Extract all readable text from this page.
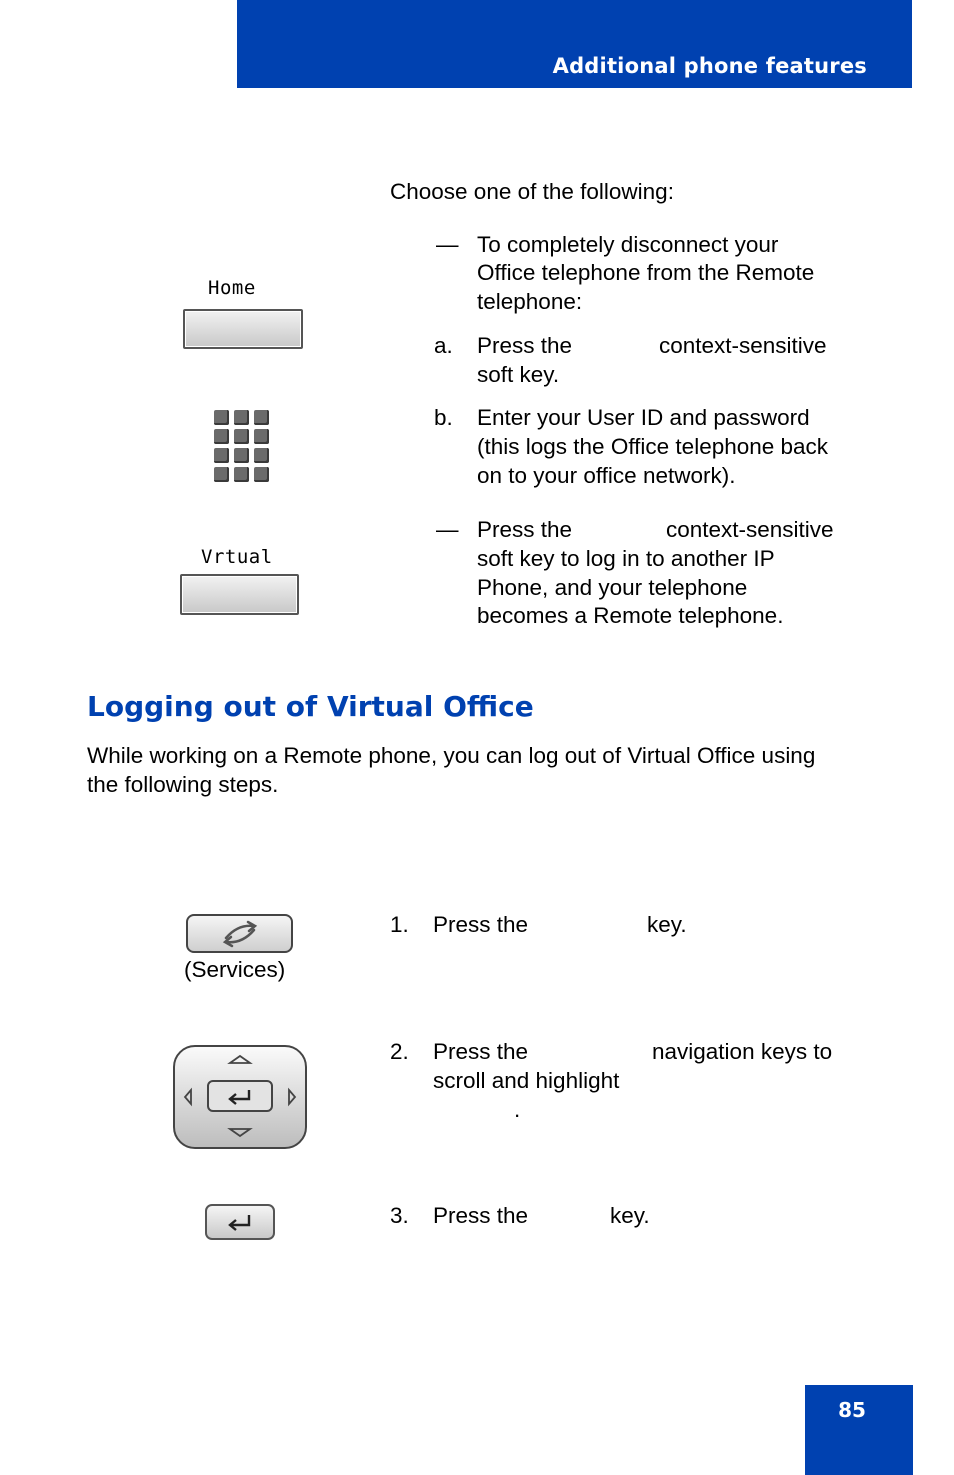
Additional phone features
Choose one of the following:
— To completely disconnect your
Office telephone from the Remote
telephone:
Home
a. Press the	context-sensitive
soft key.
b. Enter your User ID and password
(this logs the Office telephone back
on to your office network).
— Press the	context-sensitive
soft key to log in to another IP
Phone, and your telephone
becomes a Remote telephone.
Vrtual
Logging out of Virtual Office
While working on a Remote phone, you can log out of Virtual Office using
the following steps.
(Services)
1. Press the	key.
2. Press the	navigation keys to
scroll and highlight
.
3. Press the	key.
85
